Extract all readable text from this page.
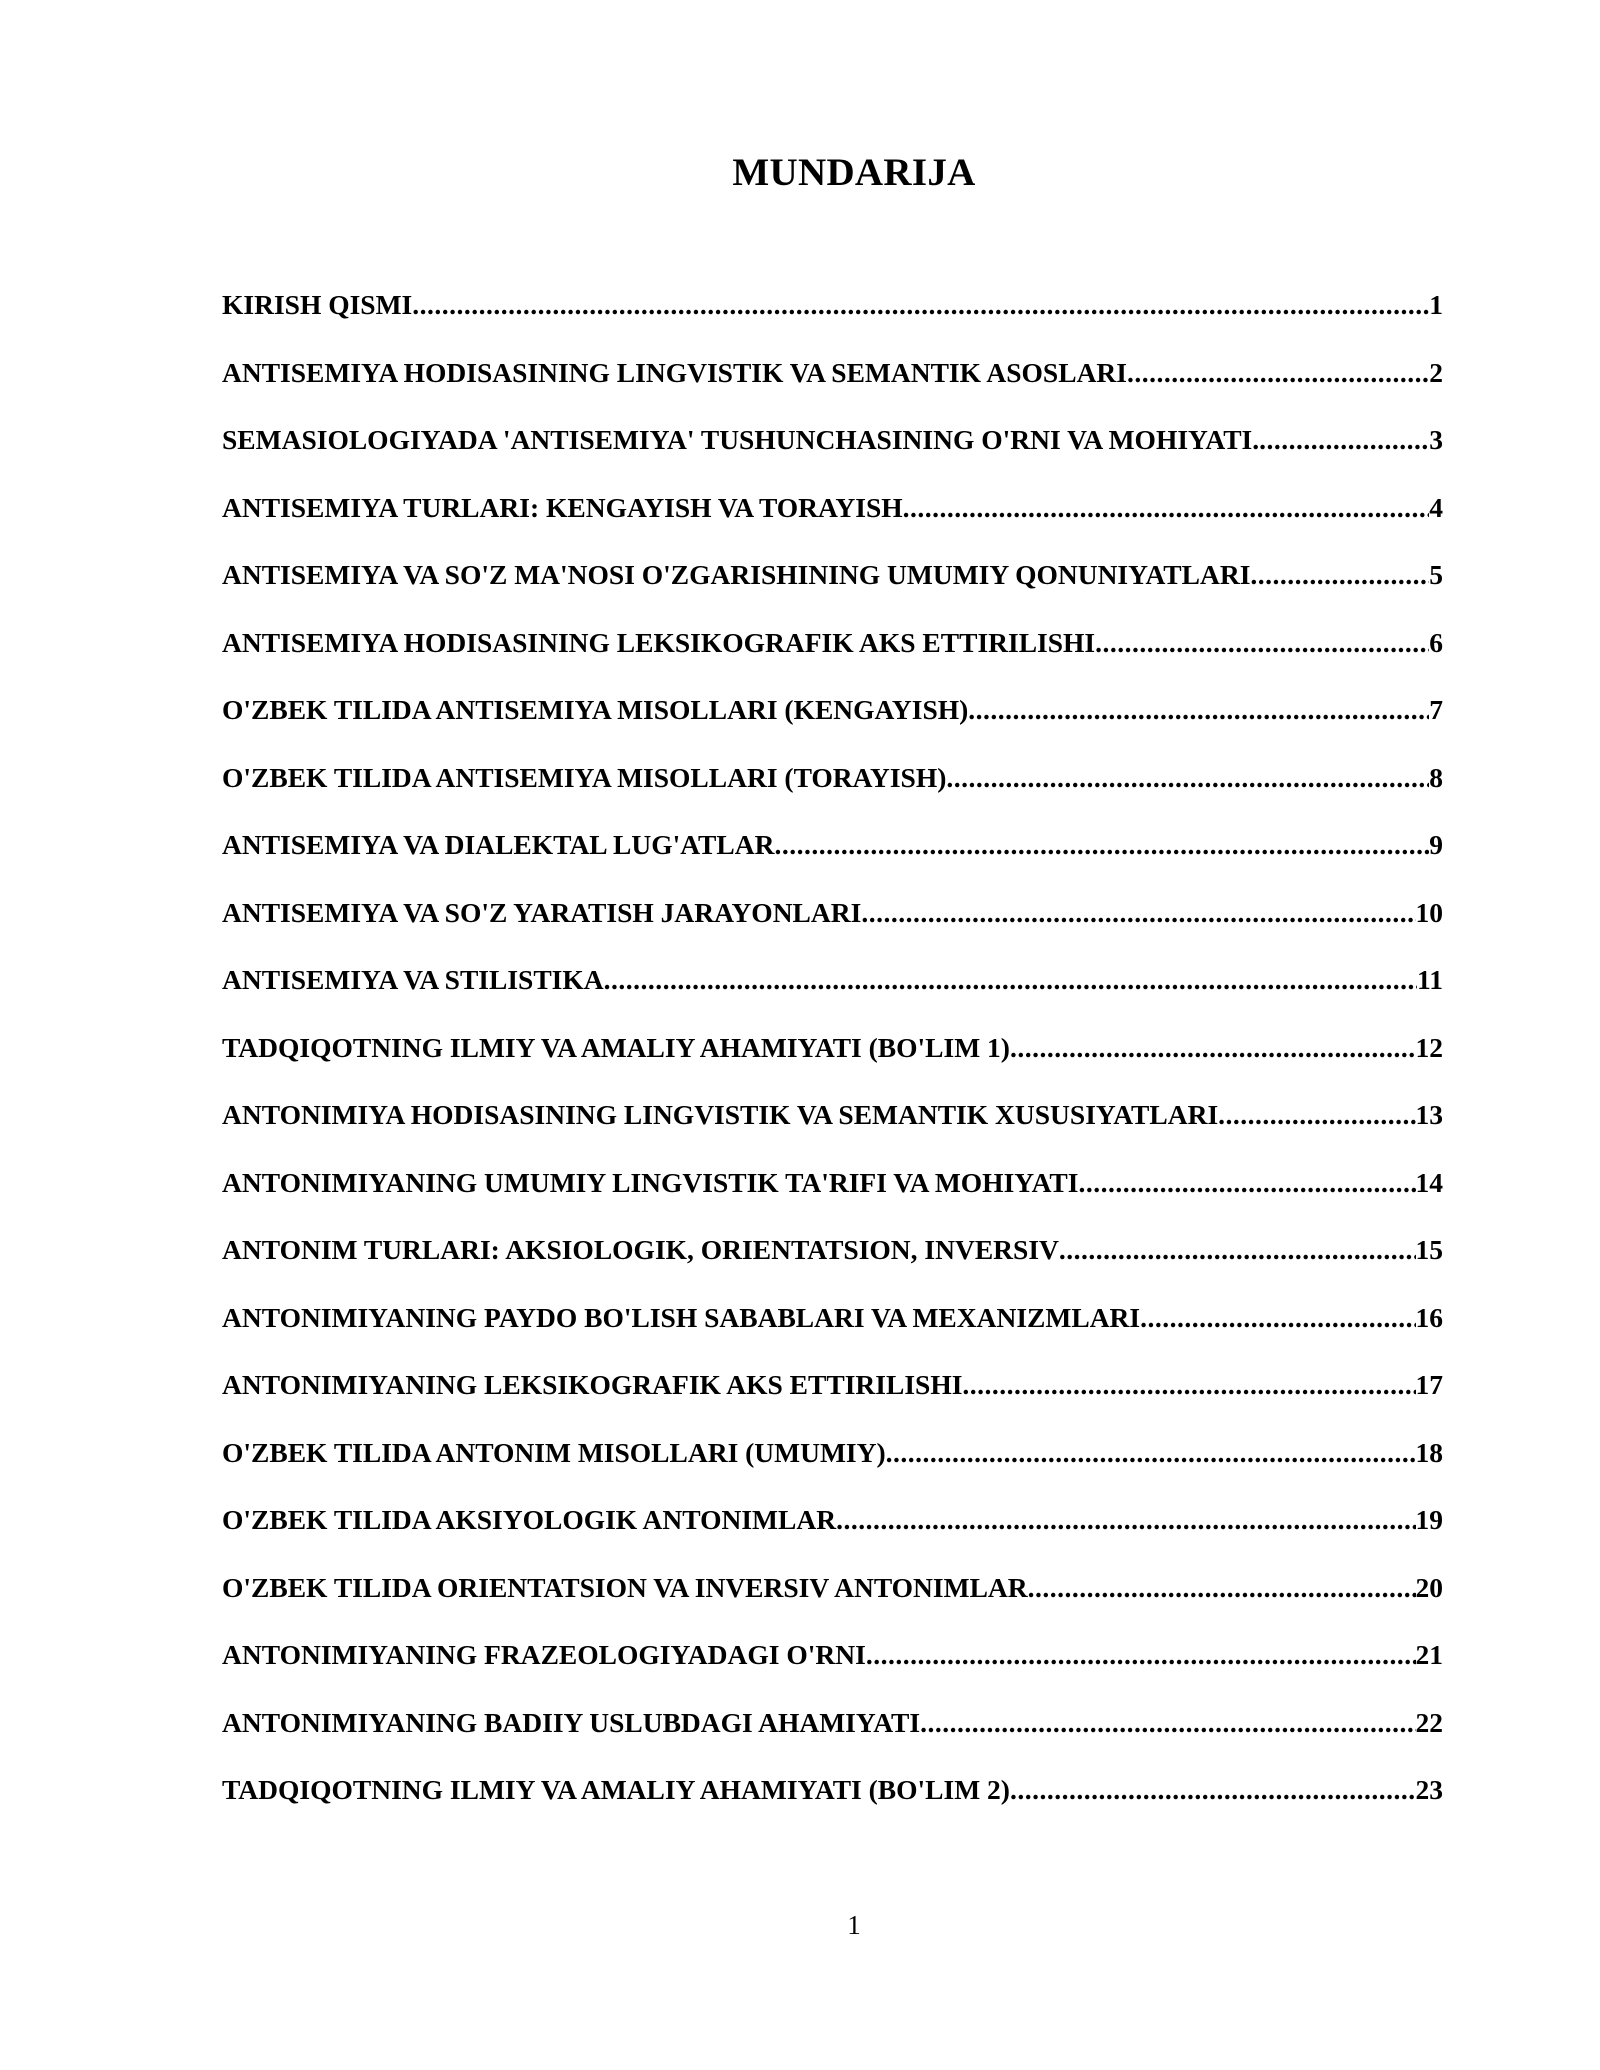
MUNDARIJA
KIRISH QISMI .....	1
ANTISEMIYA HODISASINING LINGVISTIK VA SEMANTIK ASOSLARI .....	2
SEMASIOLOGIYADA 'ANTISEMIYA' TUSHUNCHASINING O'RNI VA MOHIYATI. .....	3
ANTISEMIYA TURLARI: KENGAYISH VA TORAYISH .....	4
ANTISEMIYA VA SO'Z MA'NOSI O'ZGARISHINING UMUMIY QONUNIYATLARI .....	5
ANTISEMIYA HODISASINING LEKSIKOGRAFIK AKS ETTIRILISHI .....	6
O'ZBEK TILIDA ANTISEMIYA MISOLLARI (KENGAYISH) .....	7
O'ZBEK TILIDA ANTISEMIYA MISOLLARI (TORAYISH) .....	8
ANTISEMIYA VA DIALEKTAL LUG'ATLAR .....	9
ANTISEMIYA VA SO'Z YARATISH JARAYONLARI .....	10
ANTISEMIYA VA STILISTIKA .....	11
TADQIQOTNING ILMIY VA AMALIY AHAMIYATI (BO'LIM 1) .....	12
ANTONIMIYA HODISASINING LINGVISTIK VA SEMANTIK XUSUSIYATLARI .....	13
ANTONIMIYANING UMUMIY LINGVISTIK TA'RIFI VA MOHIYATI .....	14
ANTONIM TURLARI: AKSIOLOGIK, ORIENTATSION, INVERSIV .....	15
ANTONIMIYANING PAYDO BO'LISH SABABLARI VA MEXANIZMLARI .....	16
ANTONIMIYANING LEKSIKOGRAFIK AKS ETTIRILISHI .....	17
O'ZBEK TILIDA ANTONIM MISOLLARI (UMUMIY) .....	18
O'ZBEK TILIDA AKSIYOLOGIK ANTONIMLAR .....	19
O'ZBEK TILIDA ORIENTATSION VA INVERSIV ANTONIMLAR .....	20
ANTONIMIYANING FRAZEOLOGIYADAGI O'RNI .....	21
ANTONIMIYANING BADIIY USLUBDAGI AHAMIYATI .....	22
TADQIQOTNING ILMIY VA AMALIY AHAMIYATI (BO'LIM 2) .....	23
1
